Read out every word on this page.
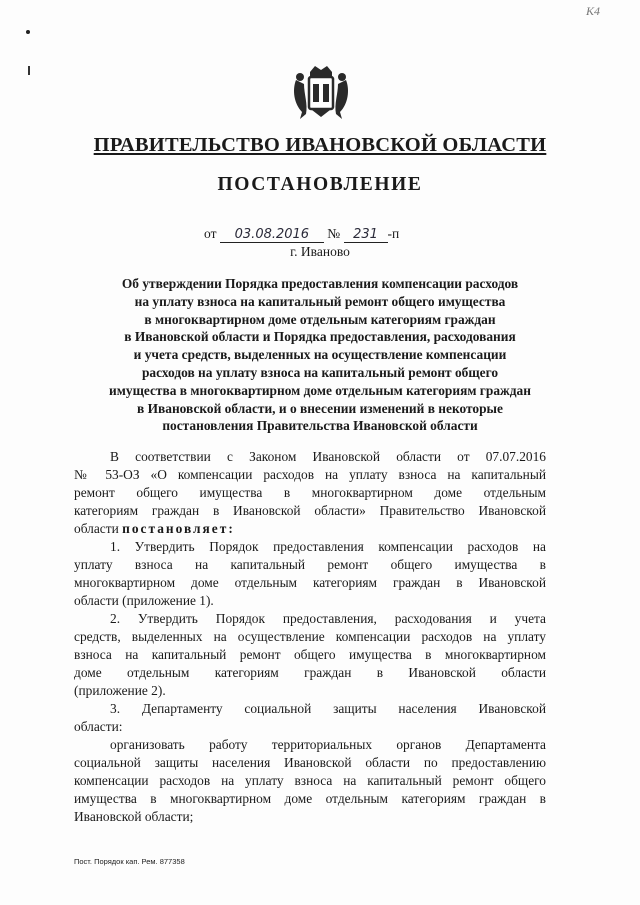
К4
ПРАВИТЕЛЬСТВО ИВАНОВСКОЙ ОБЛАСТИ
ПОСТАНОВЛЕНИЕ
от 03.08.2016 № 231 -п
г. Иваново
Об утверждении Порядка предоставления компенсации расходов
на уплату взноса на капитальный ремонт общего имущества
в многоквартирном доме отдельным категориям граждан
в Ивановской области и Порядка предоставления, расходования
и учета средств, выделенных на осуществление компенсации
расходов на уплату взноса на капитальный ремонт общего
имущества в многоквартирном доме отдельным категориям граждан
в Ивановской области, и о внесении изменений в некоторые
постановления Правительства Ивановской области
В соответствии с Законом Ивановской области от 07.07.2016
№ 53-ОЗ «О компенсации расходов на уплату взноса на капитальный
ремонт общего имущества в многоквартирном доме отдельным
категориям граждан в Ивановской области» Правительство Ивановской
области постановляет:
1. Утвердить Порядок предоставления компенсации расходов на
уплату взноса на капитальный ремонт общего имущества в
многоквартирном доме отдельным категориям граждан в Ивановской
области (приложение 1).
2. Утвердить Порядок предоставления, расходования и учета
средств, выделенных на осуществление компенсации расходов на уплату
взноса на капитальный ремонт общего имущества в многоквартирном
доме отдельным категориям граждан в Ивановской области
(приложение 2).
3. Департаменту социальной защиты населения Ивановской
области:
организовать работу территориальных органов Департамента
социальной защиты населения Ивановской области по предоставлению
компенсации расходов на уплату взноса на капитальный ремонт общего
имущества в многоквартирном доме отдельным категориям граждан в
Ивановской области;
Пост. Порядок кап. Рем. 877358
